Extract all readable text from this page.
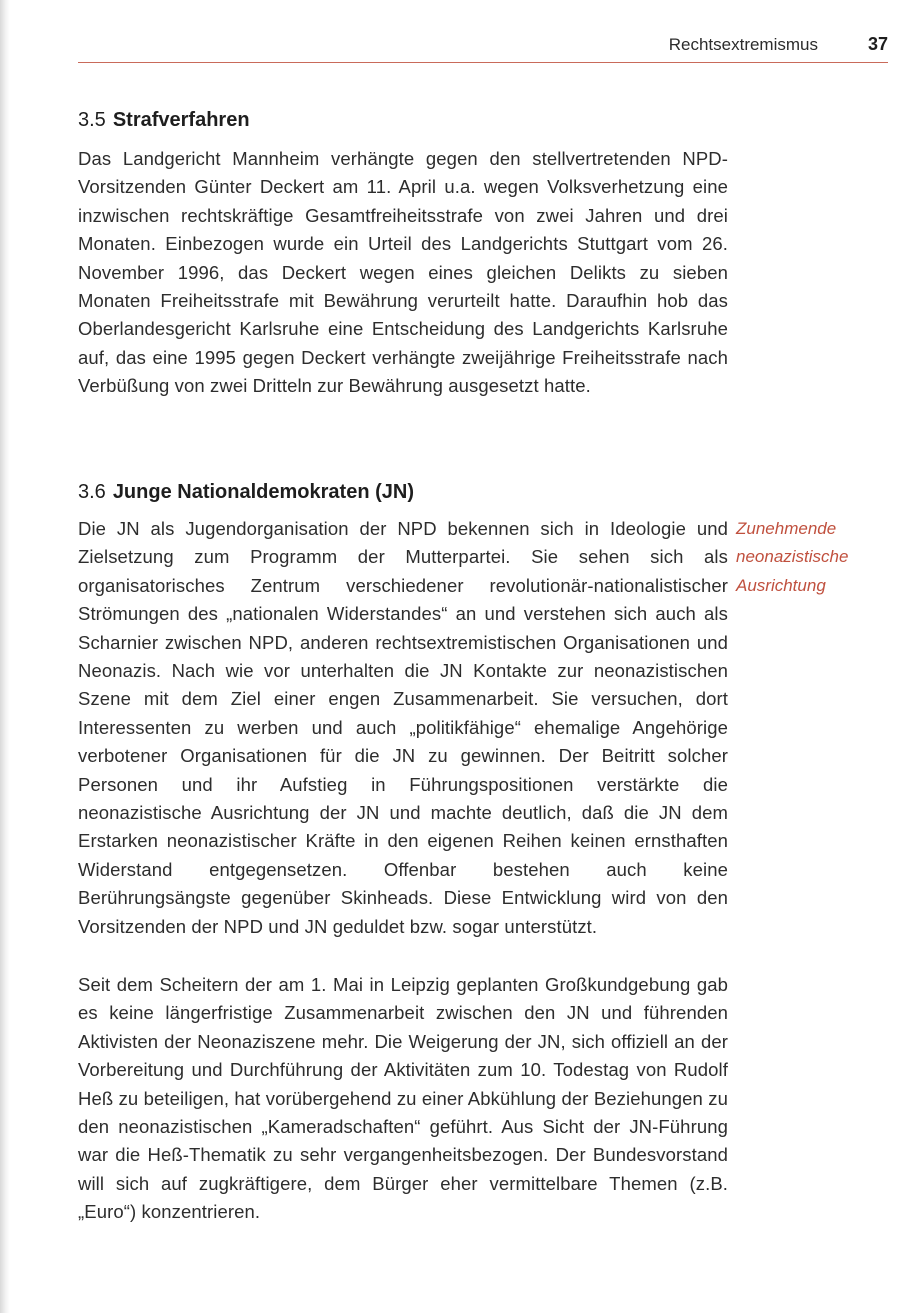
Rechtsextremismus	37
3.5 Strafverfahren

Das Landgericht Mannheim verhängte gegen den stellvertretenden NPD-Vorsitzenden Günter Deckert am 11. April u.a. wegen Volksverhetzung eine inzwischen rechtskräftige Gesamtfreiheitsstrafe von zwei Jahren und drei Monaten. Einbezogen wurde ein Urteil des Landgerichts Stuttgart vom 26. November 1996, das Deckert wegen eines gleichen Delikts zu sieben Monaten Freiheitsstrafe mit Bewährung verurteilt hatte. Daraufhin hob das Oberlandesgericht Karlsruhe eine Entscheidung des Landgerichts Karlsruhe auf, das eine 1995 gegen Deckert verhängte zweijährige Freiheitsstrafe nach Verbüßung von zwei Dritteln zur Bewährung ausgesetzt hatte.

3.6 Junge Nationaldemokraten (JN)

Die JN als Jugendorganisation der NPD bekennen sich in Ideologie und Zielsetzung zum Programm der Mutterpartei. Sie sehen sich als organisatorisches Zentrum verschiedener revolutionär-nationalistischer Strömungen des „nationalen Widerstandes“ an und verstehen sich auch als Scharnier zwischen NPD, anderen rechtsextremistischen Organisationen und Neonazis. Nach wie vor unterhalten die JN Kontakte zur neonazistischen Szene mit dem Ziel einer engen Zusammenarbeit. Sie versuchen, dort Interessenten zu werben und auch „politikfähige“ ehemalige Angehörige verbotener Organisationen für die JN zu gewinnen. Der Beitritt solcher Personen und ihr Aufstieg in Führungspositionen verstärkte die neonazistische Ausrichtung der JN und machte deutlich, daß die JN dem Erstarken neonazistischer Kräfte in den eigenen Reihen keinen ernsthaften Widerstand entgegensetzen. Offenbar bestehen auch keine Berührungsängste gegenüber Skinheads. Diese Entwicklung wird von den Vorsitzenden der NPD und JN geduldet bzw. sogar unterstützt.

Zunehmende neonazistische Ausrichtung

Seit dem Scheitern der am 1. Mai in Leipzig geplanten Großkundgebung gab es keine längerfristige Zusammenarbeit zwischen den JN und führenden Aktivisten der Neonaziszene mehr. Die Weigerung der JN, sich offiziell an der Vorbereitung und Durchführung der Aktivitäten zum 10. Todestag von Rudolf Heß zu beteiligen, hat vorübergehend zu einer Abkühlung der Beziehungen zu den neonazistischen „Kameradschaften“ geführt. Aus Sicht der JN-Führung war die Heß-Thematik zu sehr vergangenheitsbezogen. Der Bundesvorstand will sich auf zugkräftigere, dem Bürger eher vermittelbare Themen (z.B. „Euro“) konzentrieren.
